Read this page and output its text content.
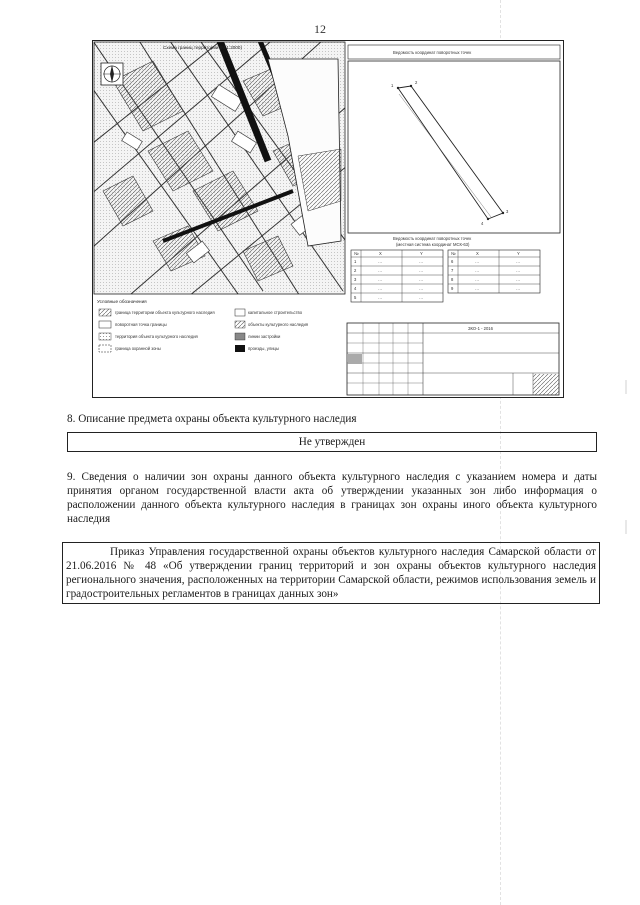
12
Схема границ территории (М 1:2000)
1
2
3
4
Ведомость координат поворотных точек
Ведомость координат поворотных точек
(местная система координат МСК-63)
№	X	Y
1	…	…
2	…	…
3	…	…
4	…	…
5	…	…
№	X	Y
6	…	…
7	…	…
8	…	…
9	…	…
Условные обозначения
граница территории объекта культурного наследия
поворотная точка границы
территория объекта культурного наследия
граница охранной зоны
капитальное строительство
объекты культурного наследия
линии застройки
проезды, улицы
ЗКО-1 - 2016
8. Описание предмета охраны объекта культурного наследия
Не утвержден
9. Сведения о наличии зон охраны данного объекта культурного наследия с указанием номера и даты принятия органом государственной власти акта об утверждении указанных зон либо информация о расположении данного объекта культурного наследия в границах зон охраны иного объекта культурного наследия
Приказ Управления государственной охраны объектов культурного наследия Самарской области от 21.06.2016 № 48 «Об утверждении границ территорий и зон охраны объектов культурного наследия регионального значения, расположенных на территории Самарской области, режимов использования земель и градостроительных регламентов в границах данных зон»
